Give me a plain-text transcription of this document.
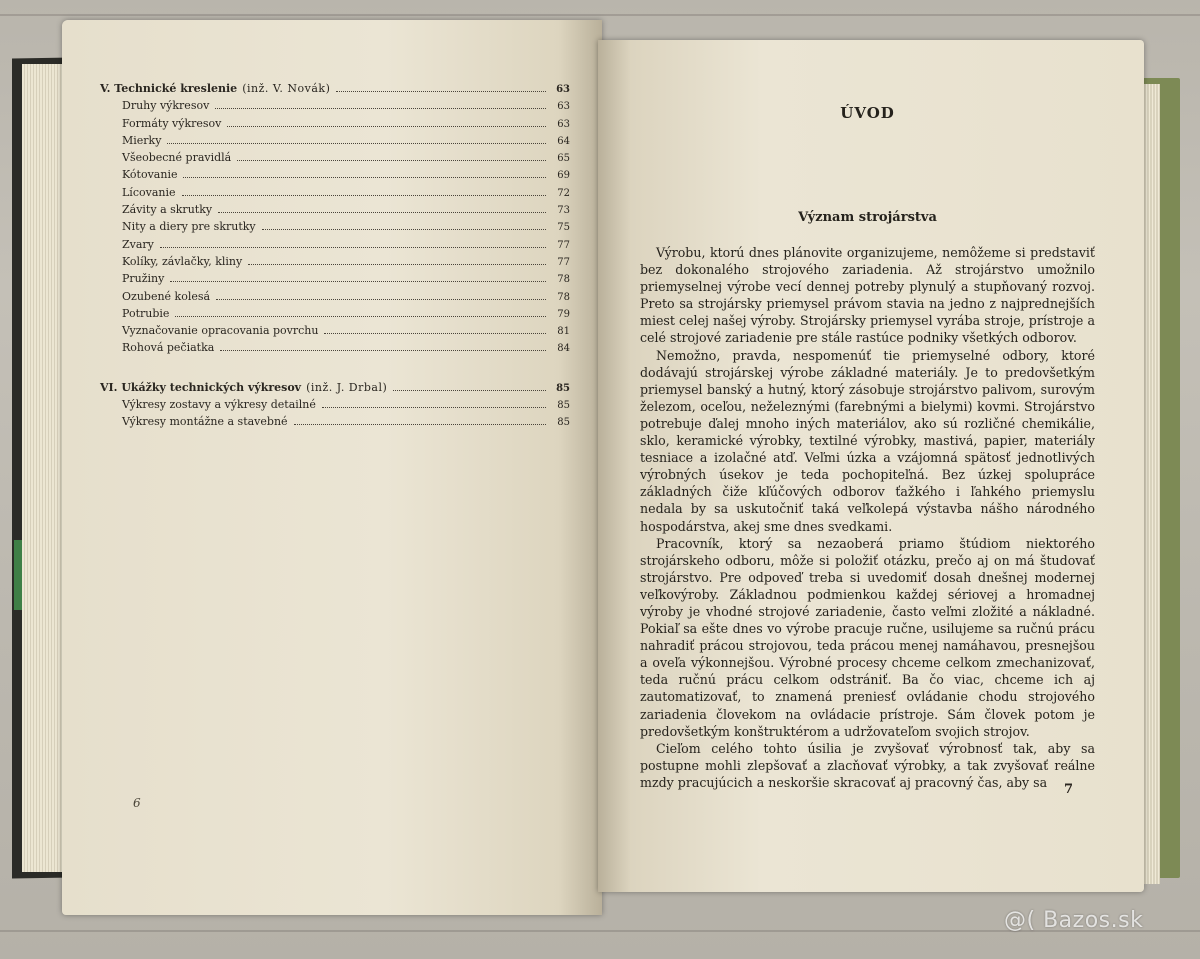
V. Technické kreslenie (inž. V. Novák)	63
Druhy výkresov	63
Formáty výkresov	63
Mierky	64
Všeobecné pravidlá	65
Kótovanie	69
Lícovanie	72
Závity a skrutky	73
Nity a diery pre skrutky	75
Zvary	77
Kolíky, závlačky, kliny	77
Pružiny	78
Ozubené kolesá	78
Potrubie	79
Vyznačovanie opracovania povrchu	81
Rohová pečiatka	84
VI. Ukážky technických výkresov (inž. J. Drbal)	85
Výkresy zostavy a výkresy detailné	85
Výkresy montážne a stavebné	85
6

ÚVOD

Význam strojárstva

Výrobu, ktorú dnes plánovite organizujeme, nemôžeme si predstaviť bez dokonalého strojového zariadenia. Až strojárstvo umožnilo priemyselnej výrobe vecí dennej potreby plynulý a stupňovaný rozvoj. Preto sa strojársky priemysel právom stavia na jedno z najprednejších miest celej našej výroby. Strojársky priemysel vyrába stroje, prístroje a celé strojové zariadenie pre stále rastúce podniky všetkých odborov.

Nemožno, pravda, nespomenúť tie priemyselné odbory, ktoré dodávajú strojárskej výrobe základné materiály. Je to predovšetkým priemysel banský a hutný, ktorý zásobuje strojárstvo palivom, surovým železom, oceľou, neželeznými (farebnými a bielymi) kovmi. Strojárstvo potrebuje ďalej mnoho iných materiálov, ako sú rozličné chemikálie, sklo, keramické výrobky, textilné výrobky, mastivá, papier, materiály tesniace a izolačné atď. Veľmi úzka a vzájomná spätosť jednotlivých výrobných úsekov je teda pochopiteľná. Bez úzkej spolupráce základných čiže kľúčových odborov ťažkého i ľahkého priemyslu nedala by sa uskutočniť taká veľkolepá výstavba nášho národného hospodárstva, akej sme dnes svedkami.

Pracovník, ktorý sa nezaoberá priamo štúdiom niektorého strojárskeho odboru, môže si položiť otázku, prečo aj on má študovať strojárstvo. Pre odpoveď treba si uvedomiť dosah dnešnej modernej veľkovýroby. Základnou podmienkou každej sériovej a hromadnej výroby je vhodné strojové zariadenie, často veľmi zložité a nákladné. Pokiaľ sa ešte dnes vo výrobe pracuje ručne, usilujeme sa ručnú prácu nahradiť prácou strojovou, teda prácou menej namáhavou, presnejšou a oveľa výkonnejšou. Výrobné procesy chceme celkom zmechanizovať, teda ručnú prácu celkom odstrániť. Ba čo viac, chceme ich aj zautomatizovať, to znamená preniesť ovládanie chodu strojového zariadenia človekom na ovládacie prístroje. Sám človek potom je predovšetkým konštruktérom a udržovateľom svojich strojov.

Cieľom celého tohto úsilia je zvyšovať výrobnosť tak, aby sa postupne mohli zlepšovať a zlacňovať výrobky, a tak zvyšovať reálne mzdy pracujúcich a neskoršie skracovať aj pracovný čas, aby sa	7
@( Bazos.sk
